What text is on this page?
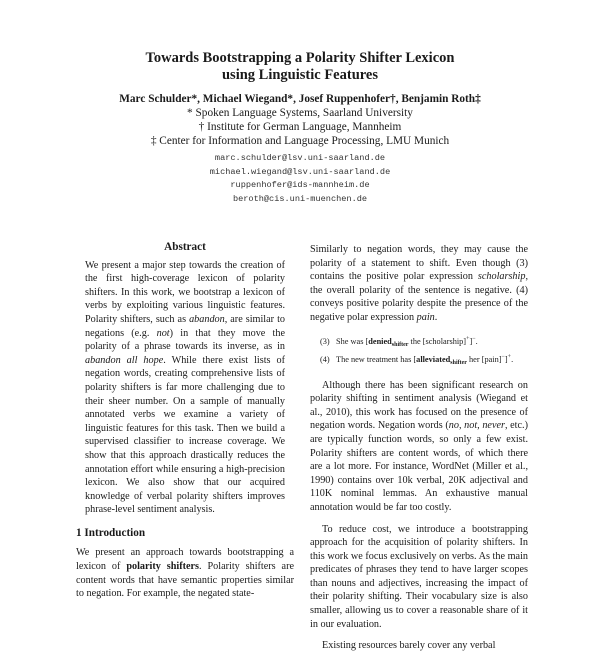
Towards Bootstrapping a Polarity Shifter Lexicon
using Linguistic Features
Marc Schulder*, Michael Wiegand*, Josef Ruppenhofer†, Benjamin Roth‡
* Spoken Language Systems, Saarland University
† Institute for German Language, Mannheim
‡ Center for Information and Language Processing, LMU Munich
marc.schulder@lsv.uni-saarland.de
michael.wiegand@lsv.uni-saarland.de
ruppenhofer@ids-mannheim.de
beroth@cis.uni-muenchen.de
Abstract

We present a major step towards the creation of the first high-coverage lexicon of polarity shifters. In this work, we bootstrap a lexicon of verbs by exploiting various linguistic features. Polarity shifters, such as abandon, are similar to negations (e.g. not) in that they move the polarity of a phrase towards its inverse, as in abandon all hope. While there exist lists of negation words, creating comprehensive lists of polarity shifters is far more challenging due to their sheer number. On a sample of manually annotated verbs we examine a variety of linguistic features for this task. Then we build a supervised classifier to increase coverage. We show that this approach drastically reduces the annotation effort while ensuring a high-precision lexicon. We also show that our acquired knowledge of verbal polarity shifters improves phrase-level sentiment analysis.

1 Introduction

We present an approach towards bootstrapping a lexicon of polarity shifters. Polarity shifters are content words that have semantic properties similar to negation. For example, the negated state-

Similarly to negation words, they may cause the polarity of a statement to shift. Even though (3) contains the positive polar expression scholarship, the overall polarity of the sentence is negative. (4) conveys positive polarity despite the presence of the negative polar expression pain.

(3) She was [denied$_{shifter}$ the [scholarship]+]−.
(4) The new treatment has [alleviated$_{shifter}$ her [pain]−]+.

Although there has been significant research on polarity shifting in sentiment analysis (Wiegand et al., 2010), this work has focused on the presence of negation words. Negation words (no, not, never, etc.) are typically function words, so only a few exist. Polarity shifters are content words, of which there are a lot more. For instance, WordNet (Miller et al., 1990) contains over 10k verbal, 20K adjectival and 110K nominal lemmas. An exhaustive manual annotation would be far too costly.

To reduce cost, we introduce a bootstrapping approach for the acquisition of polarity shifters. In this work we focus exclusively on verbs. As the main predicates of phrases they tend to have larger scopes than nouns and adjectives, increasing the impact of their polarity shifting. Their vocabulary size is also smaller, allowing us to cover a reasonable share of it in our evaluation.

Existing resources barely cover any verbal
